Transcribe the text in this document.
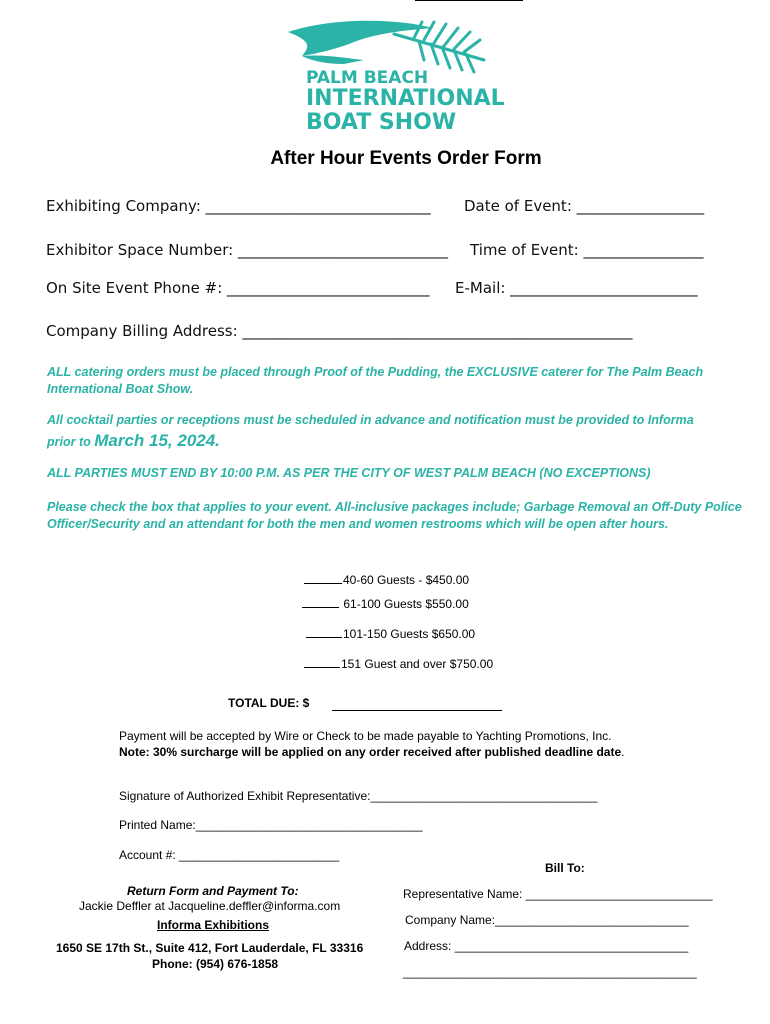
PALM BEACH
INTERNATIONAL
BOAT SHOW
After Hour Events Order Form
Exhibiting Company: ______________________________ Date of Event: _________________
Exhibitor Space Number: ____________________________ Time of Event: ________________
On Site Event Phone #: ___________________________ E-Mail: _________________________
Company Billing Address: ____________________________________________________
ALL catering orders must be placed through Proof of the Pudding, the EXCLUSIVE caterer for The Palm Beach International Boat Show.
All cocktail parties or receptions must be scheduled in advance and notification must be provided to Informa
prior to March 15, 2024.
ALL PARTIES MUST END BY 10:00 P.M. AS PER THE CITY OF WEST PALM BEACH (NO EXCEPTIONS)
Please check the box that applies to your event. All-inclusive packages include; Garbage Removal an Off-Duty Police Officer/Security and an attendant for both the men and women restrooms which will be open after hours.
40-60 Guests - $450.00
61-100 Guests $550.00
101-150 Guests $650.00
151 Guest and over $750.00
TOTAL DUE: $
Payment will be accepted by Wire or Check to be made payable to Yachting Promotions, Inc.
Note: 30% surcharge will be applied on any order received after published deadline date.
Signature of Authorized Exhibit Representative:__________________________________
Printed Name:__________________________________
Account #: ________________________
Return Form and Payment To:
Jackie Deffler at Jacqueline.deffler@informa.com
Informa Exhibitions
1650 SE 17th St., Suite 412, Fort Lauderdale, FL 33316
Phone: (954) 676-1858
Bill To:
Representative Name: ____________________________
Company Name:_____________________________
Address: ___________________________________
____________________________________________
